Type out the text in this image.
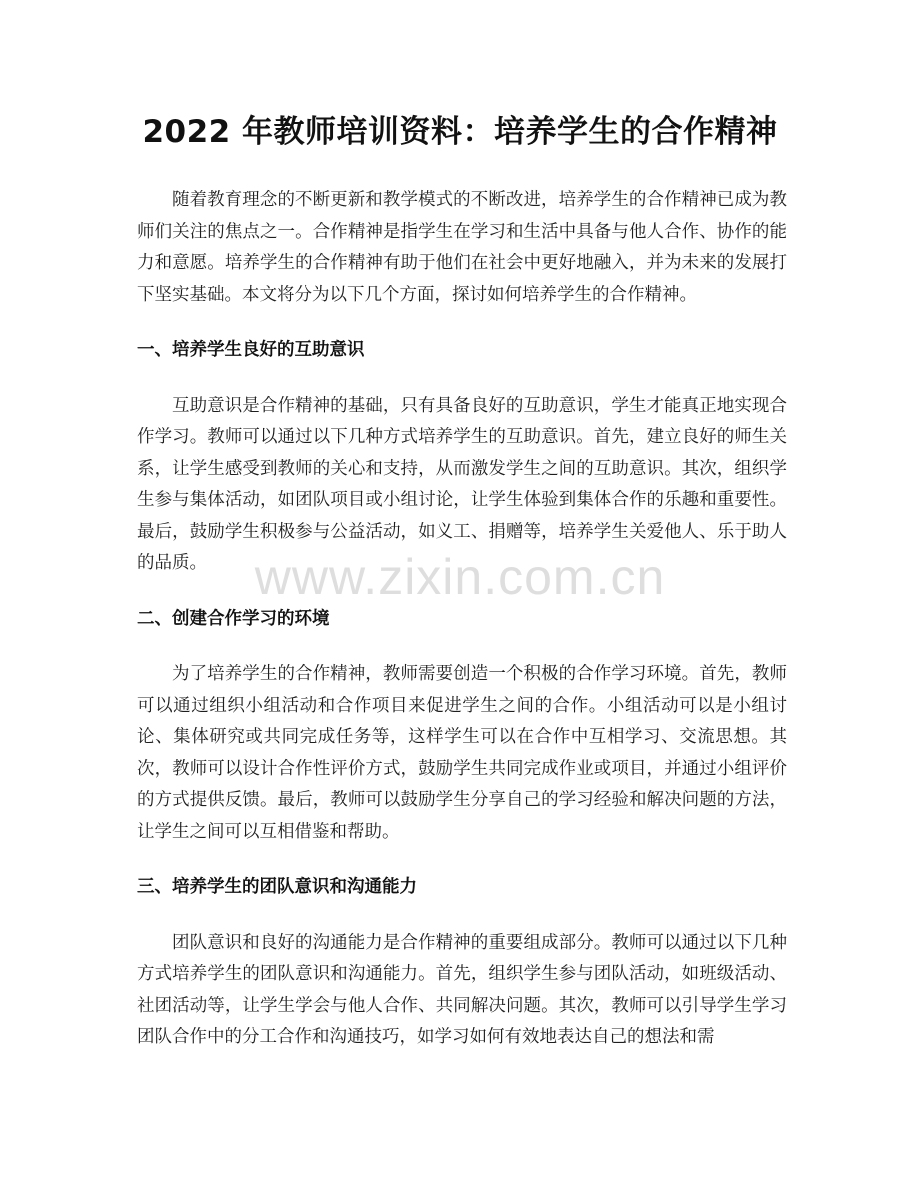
2022 年教师培训资料：培养学生的合作精神

随着教育理念的不断更新和教学模式的不断改进，培养学生的合作精神已成为教师们关注的焦点之一。合作精神是指学生在学习和生活中具备与他人合作、协作的能力和意愿。培养学生的合作精神有助于他们在社会中更好地融入，并为未来的发展打下坚实基础。本文将分为以下几个方面，探讨如何培养学生的合作精神。

一、培养学生良好的互助意识

互助意识是合作精神的基础，只有具备良好的互助意识，学生才能真正地实现合作学习。教师可以通过以下几种方式培养学生的互助意识。首先，建立良好的师生关系，让学生感受到教师的关心和支持，从而激发学生之间的互助意识。其次，组织学生参与集体活动，如团队项目或小组讨论，让学生体验到集体合作的乐趣和重要性。最后，鼓励学生积极参与公益活动，如义工、捐赠等，培养学生关爱他人、乐于助人的品质。

二、创建合作学习的环境

为了培养学生的合作精神，教师需要创造一个积极的合作学习环境。首先，教师可以通过组织小组活动和合作项目来促进学生之间的合作。小组活动可以是小组讨论、集体研究或共同完成任务等，这样学生可以在合作中互相学习、交流思想。其次，教师可以设计合作性评价方式，鼓励学生共同完成作业或项目，并通过小组评价的方式提供反馈。最后，教师可以鼓励学生分享自己的学习经验和解决问题的方法，让学生之间可以互相借鉴和帮助。

三、培养学生的团队意识和沟通能力

团队意识和良好的沟通能力是合作精神的重要组成部分。教师可以通过以下几种方式培养学生的团队意识和沟通能力。首先，组织学生参与团队活动，如班级活动、社团活动等，让学生学会与他人合作、共同解决问题。其次，教师可以引导学生学习团队合作中的分工合作和沟通技巧，如学习如何有效地表达自己的想法和需

www.zixin.com.cn
